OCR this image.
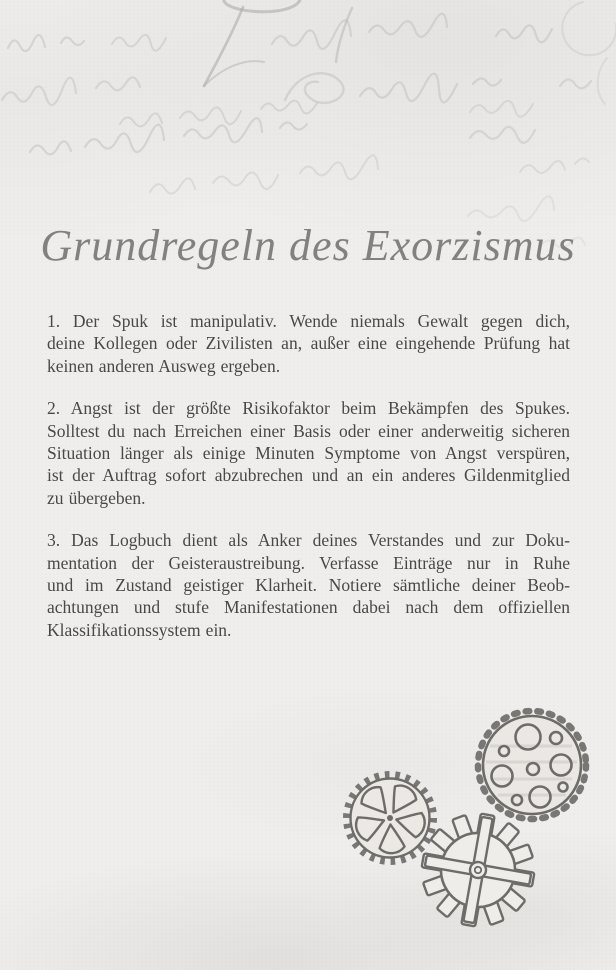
Grundregeln des Exorzismus
1. Der Spuk ist manipulativ. Wende niemals Gewalt gegen dich,
deine Kollegen oder Zivilisten an, außer eine eingehende Prüfung hat
keinen anderen Ausweg ergeben.
2. Angst ist der größte Risikofaktor beim Bekämpfen des Spukes.
Solltest du nach Erreichen einer Basis oder einer anderweitig sicheren
Situation länger als einige Minuten Symptome von Angst verspüren,
ist der Auftrag sofort abzubrechen und an ein anderes Gildenmitglied
zu übergeben.
3. Das Logbuch dient als Anker deines Verstandes und zur Doku-
mentation der Geisteraustreibung. Verfasse Einträge nur in Ruhe
und im Zustand geistiger Klarheit. Notiere sämtliche deiner Beob-
achtungen und stufe Manifestationen dabei nach dem offiziellen
Klassifikationssystem ein.
